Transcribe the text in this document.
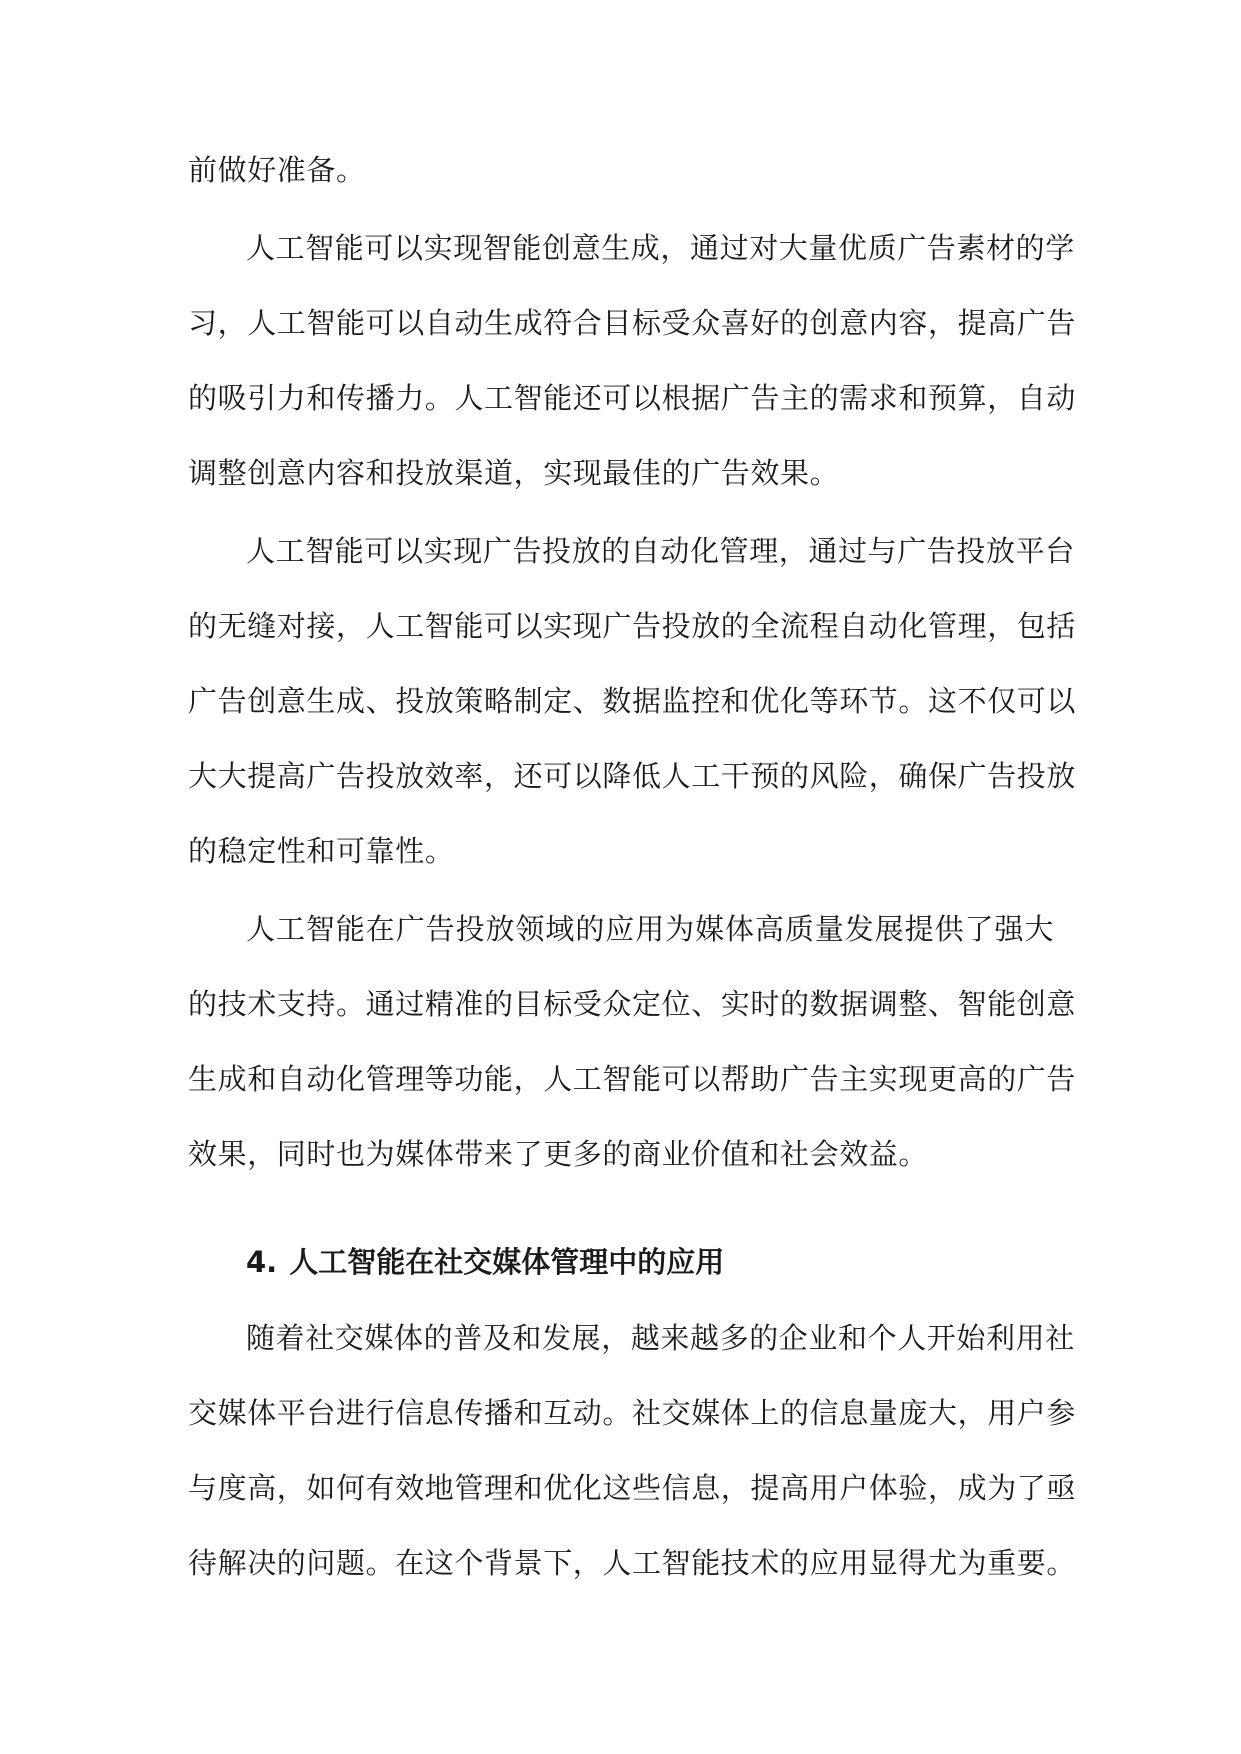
前做好准备。
人工智能可以实现智能创意生成，通过对大量优质广告素材的学
习，人工智能可以自动生成符合目标受众喜好的创意内容，提高广告
的吸引力和传播力。人工智能还可以根据广告主的需求和预算，自动
调整创意内容和投放渠道，实现最佳的广告效果。
人工智能可以实现广告投放的自动化管理，通过与广告投放平台
的无缝对接，人工智能可以实现广告投放的全流程自动化管理，包括
广告创意生成、投放策略制定、数据监控和优化等环节。这不仅可以
大大提高广告投放效率，还可以降低人工干预的风险，确保广告投放
的稳定性和可靠性。
人工智能在广告投放领域的应用为媒体高质量发展提供了强大
的技术支持。通过精准的目标受众定位、实时的数据调整、智能创意
生成和自动化管理等功能，人工智能可以帮助广告主实现更高的广告
效果，同时也为媒体带来了更多的商业价值和社会效益。
4. 人工智能在社交媒体管理中的应用
随着社交媒体的普及和发展，越来越多的企业和个人开始利用社
交媒体平台进行信息传播和互动。社交媒体上的信息量庞大，用户参
与度高，如何有效地管理和优化这些信息，提高用户体验，成为了亟
待解决的问题。在这个背景下，人工智能技术的应用显得尤为重要。
